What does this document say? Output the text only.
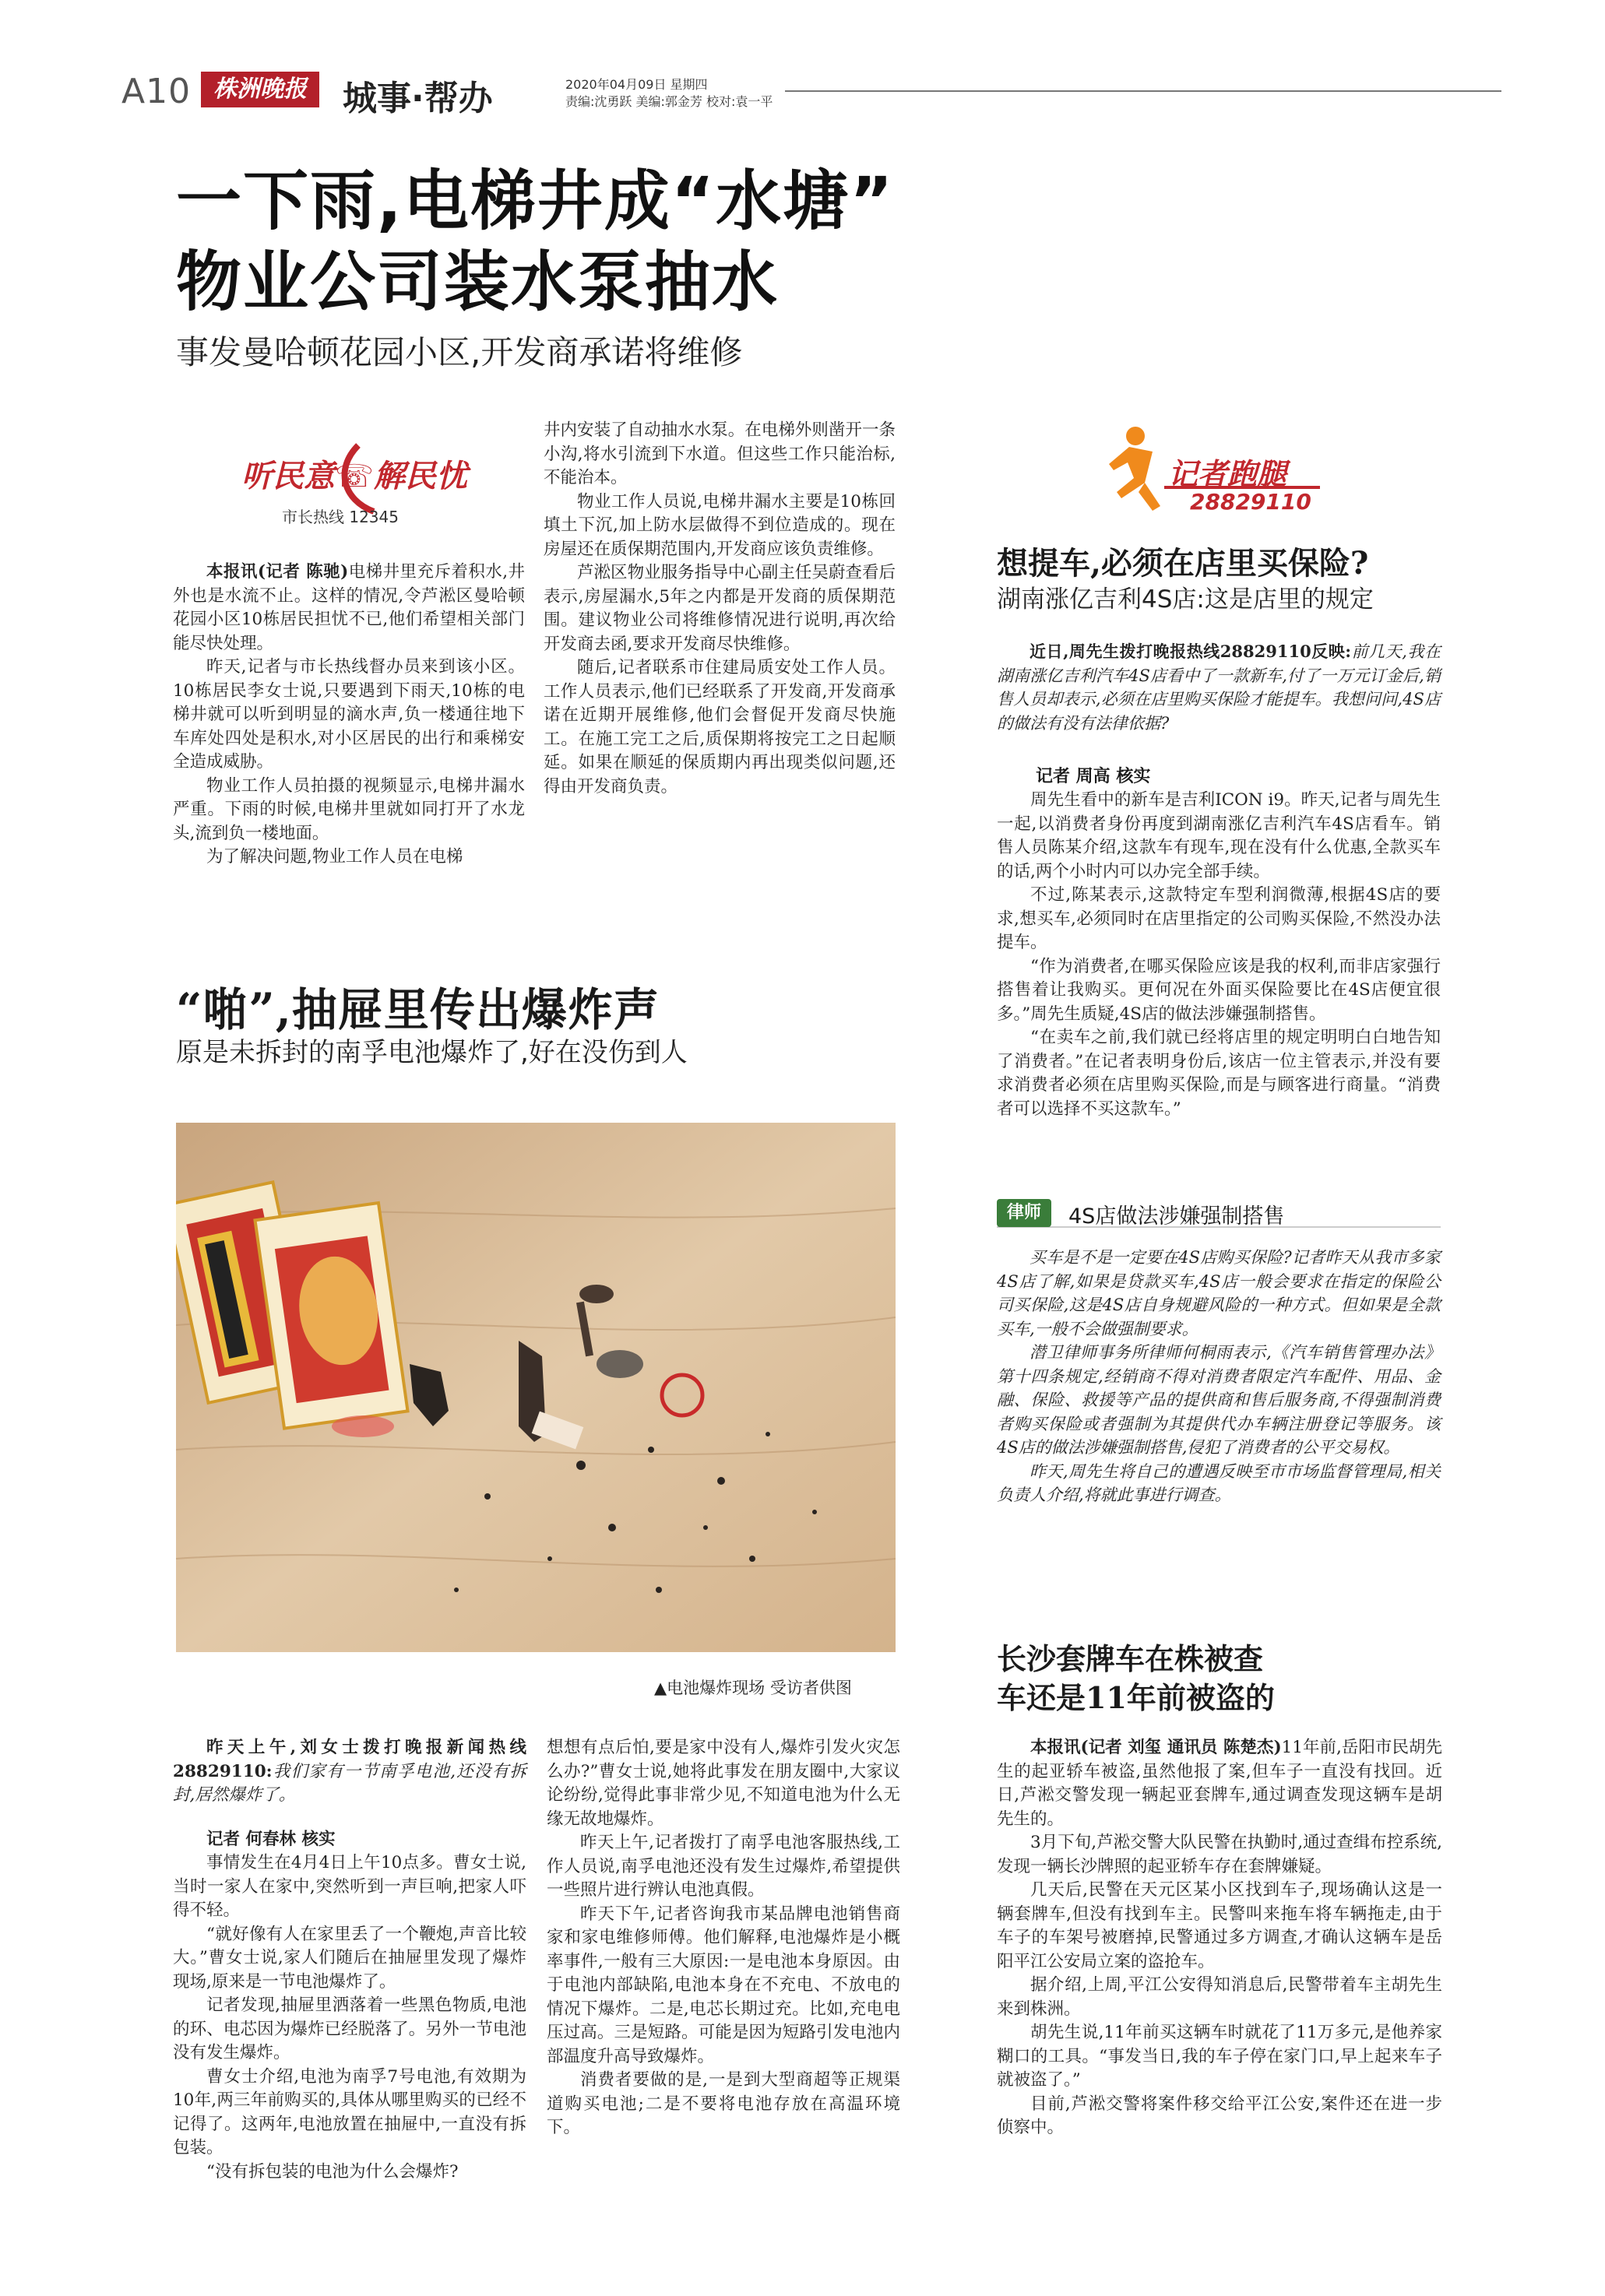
A10 株洲晚报	城事·帮办	2020年04月09日 星期四
责编:沈勇跃 美编:郭金芳 校对:袁一平
一下雨,电梯井成“水塘”
物业公司装水泵抽水
事发曼哈顿花园小区,开发商承诺将维修
听民意☏解民忧
市长热线 12345

本报讯(记者 陈驰)电梯井里充斥着积水,井外也是水流不止。这样的情况,令芦淞区曼哈顿花园小区10栋居民担忧不已,他们希望相关部门能尽快处理。

昨天,记者与市长热线督办员来到该小区。10栋居民李女士说,只要遇到下雨天,10栋的电梯井就可以听到明显的滴水声,负一楼通往地下车库处四处是积水,对小区居民的出行和乘梯安全造成威胁。

物业工作人员拍摄的视频显示,电梯井漏水严重。下雨的时候,电梯井里就如同打开了水龙头,流到负一楼地面。

为了解决问题,物业工作人员在电梯

井内安装了自动抽水水泵。在电梯外则凿开一条小沟,将水引流到下水道。但这些工作只能治标,不能治本。

物业工作人员说,电梯井漏水主要是10栋回填土下沉,加上防水层做得不到位造成的。现在房屋还在质保期范围内,开发商应该负责维修。

芦淞区物业服务指导中心副主任吴蔚查看后表示,房屋漏水,5年之内都是开发商的质保期范围。建议物业公司将维修情况进行说明,再次给开发商去函,要求开发商尽快维修。

随后,记者联系市住建局质安处工作人员。工作人员表示,他们已经联系了开发商,开发商承诺在近期开展维修,他们会督促开发商尽快施工。在施工完工之后,质保期将按完工之日起顺延。如果在顺延的保质期内再出现类似问题,还得由开发商负责。

“啪”,抽屉里传出爆炸声
原是未拆封的南孚电池爆炸了,好在没伤到人
▲电池爆炸现场 受访者供图

昨天上午,刘女士拨打晚报新闻热线28829110:我们家有一节南孚电池,还没有拆封,居然爆炸了。

记者 何春林 核实

事情发生在4月4日上午10点多。曹女士说,当时一家人在家中,突然听到一声巨响,把家人吓得不轻。

“就好像有人在家里丢了一个鞭炮,声音比较大。”曹女士说,家人们随后在抽屉里发现了爆炸现场,原来是一节电池爆炸了。

记者发现,抽屉里洒落着一些黑色物质,电池的环、电芯因为爆炸已经脱落了。另外一节电池没有发生爆炸。

曹女士介绍,电池为南孚7号电池,有效期为10年,两三年前购买的,具体从哪里购买的已经不记得了。这两年,电池放置在抽屉中,一直没有拆包装。

“没有拆包装的电池为什么会爆炸?

想想有点后怕,要是家中没有人,爆炸引发火灾怎么办?”曹女士说,她将此事发在朋友圈中,大家议论纷纷,觉得此事非常少见,不知道电池为什么无缘无故地爆炸。

昨天上午,记者拨打了南孚电池客服热线,工作人员说,南孚电池还没有发生过爆炸,希望提供一些照片进行辨认电池真假。

昨天下午,记者咨询我市某品牌电池销售商家和家电维修师傅。他们解释,电池爆炸是小概率事件,一般有三大原因:一是电池本身原因。由于电池内部缺陷,电池本身在不充电、不放电的情况下爆炸。二是,电芯长期过充。比如,充电电压过高。三是短路。可能是因为短路引发电池内部温度升高导致爆炸。

消费者要做的是,一是到大型商超等正规渠道购买电池;二是不要将电池存放在高温环境下。

记者跑腿
28829110
想提车,必须在店里买保险?
湖南涨亿吉利4S店:这是店里的规定

近日,周先生拨打晚报热线28829110反映:前几天,我在湖南涨亿吉利汽车4S店看中了一款新车,付了一万元订金后,销售人员却表示,必须在店里购买保险才能提车。我想问问,4S店的做法有没有法律依据?

记者 周高 核实

周先生看中的新车是吉利ICON i9。昨天,记者与周先生一起,以消费者身份再度到湖南涨亿吉利汽车4S店看车。销售人员陈某介绍,这款车有现车,现在没有什么优惠,全款买车的话,两个小时内可以办完全部手续。

不过,陈某表示,这款特定车型利润微薄,根据4S店的要求,想买车,必须同时在店里指定的公司购买保险,不然没办法提车。

“作为消费者,在哪买保险应该是我的权利,而非店家强行搭售着让我购买。更何况在外面买保险要比在4S店便宜很多。”周先生质疑,4S店的做法涉嫌强制搭售。

“在卖车之前,我们就已经将店里的规定明明白白地告知了消费者。”在记者表明身份后,该店一位主管表示,并没有要求消费者必须在店里购买保险,而是与顾客进行商量。“消费者可以选择不买这款车。”

律师	4S店做法涉嫌强制搭售

买车是不是一定要在4S店购买保险?记者昨天从我市多家4S店了解,如果是贷款买车,4S店一般会要求在指定的保险公司买保险,这是4S店自身规避风险的一种方式。但如果是全款买车,一般不会做强制要求。

潜卫律师事务所律师何桐雨表示,《汽车销售管理办法》第十四条规定,经销商不得对消费者限定汽车配件、用品、金融、保险、救援等产品的提供商和售后服务商,不得强制消费者购买保险或者强制为其提供代办车辆注册登记等服务。该4S店的做法涉嫌强制搭售,侵犯了消费者的公平交易权。

昨天,周先生将自己的遭遇反映至市市场监督管理局,相关负责人介绍,将就此事进行调查。

长沙套牌车在株被查
车还是11年前被盗的

本报讯(记者 刘玺 通讯员 陈楚杰)11年前,岳阳市民胡先生的起亚轿车被盗,虽然他报了案,但车子一直没有找回。近日,芦淞交警发现一辆起亚套牌车,通过调查发现这辆车是胡先生的。

3月下旬,芦淞交警大队民警在执勤时,通过查缉布控系统,发现一辆长沙牌照的起亚轿车存在套牌嫌疑。

几天后,民警在天元区某小区找到车子,现场确认这是一辆套牌车,但没有找到车主。民警叫来拖车将车辆拖走,由于车子的车架号被磨掉,民警通过多方调查,才确认这辆车是岳阳平江公安局立案的盗抢车。

据介绍,上周,平江公安得知消息后,民警带着车主胡先生来到株洲。

胡先生说,11年前买这辆车时就花了11万多元,是他养家糊口的工具。“事发当日,我的车子停在家门口,早上起来车子就被盗了。”

目前,芦淞交警将案件移交给平江公安,案件还在进一步侦察中。
